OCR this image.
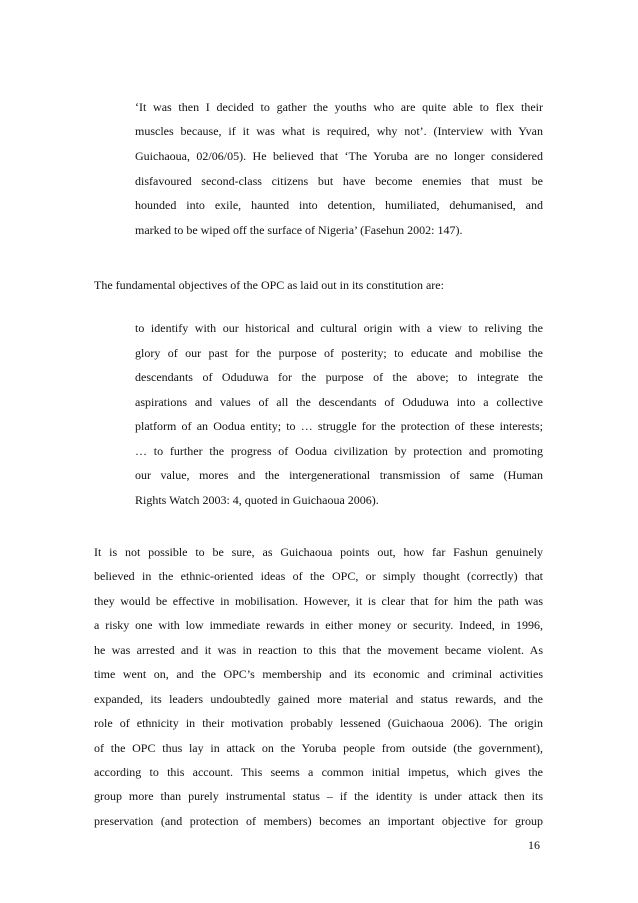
‘It was then I decided to gather the youths who are quite able to flex their
muscles because, if it was what is required, why not’. (Interview with Yvan
Guichaoua, 02/06/05). He believed that ‘The Yoruba are no longer considered
disfavoured second-class citizens but have become enemies that must be
hounded into exile, haunted into detention, humiliated, dehumanised, and
marked to be wiped off the surface of Nigeria’ (Fasehun 2002: 147).
The fundamental objectives of the OPC as laid out in its constitution are:
to identify with our historical and cultural origin with a view to reliving the
glory of our past for the purpose of posterity; to educate and mobilise the
descendants of Oduduwa for the purpose of the above; to integrate the
aspirations and values of all the descendants of Oduduwa into a collective
platform of an Oodua entity; to … struggle for the protection of these interests;
… to further the progress of Oodua civilization by protection and promoting
our value, mores and the intergenerational transmission of same (Human
Rights Watch 2003: 4, quoted in Guichaoua 2006).
It is not possible to be sure, as Guichaoua points out, how far Fashun genuinely
believed in the ethnic-oriented ideas of the OPC, or simply thought (correctly) that
they would be effective in mobilisation. However, it is clear that for him the path was
a risky one with low immediate rewards in either money or security. Indeed, in 1996,
he was arrested and it was in reaction to this that the movement became violent. As
time went on, and the OPC’s membership and its economic and criminal activities
expanded, its leaders undoubtedly gained more material and status rewards, and the
role of ethnicity in their motivation probably lessened (Guichaoua 2006). The origin
of the OPC thus lay in attack on the Yoruba people from outside (the government),
according to this account. This seems a common initial impetus, which gives the
group more than purely instrumental status – if the identity is under attack then its
preservation (and protection of members) becomes an important objective for group
16
